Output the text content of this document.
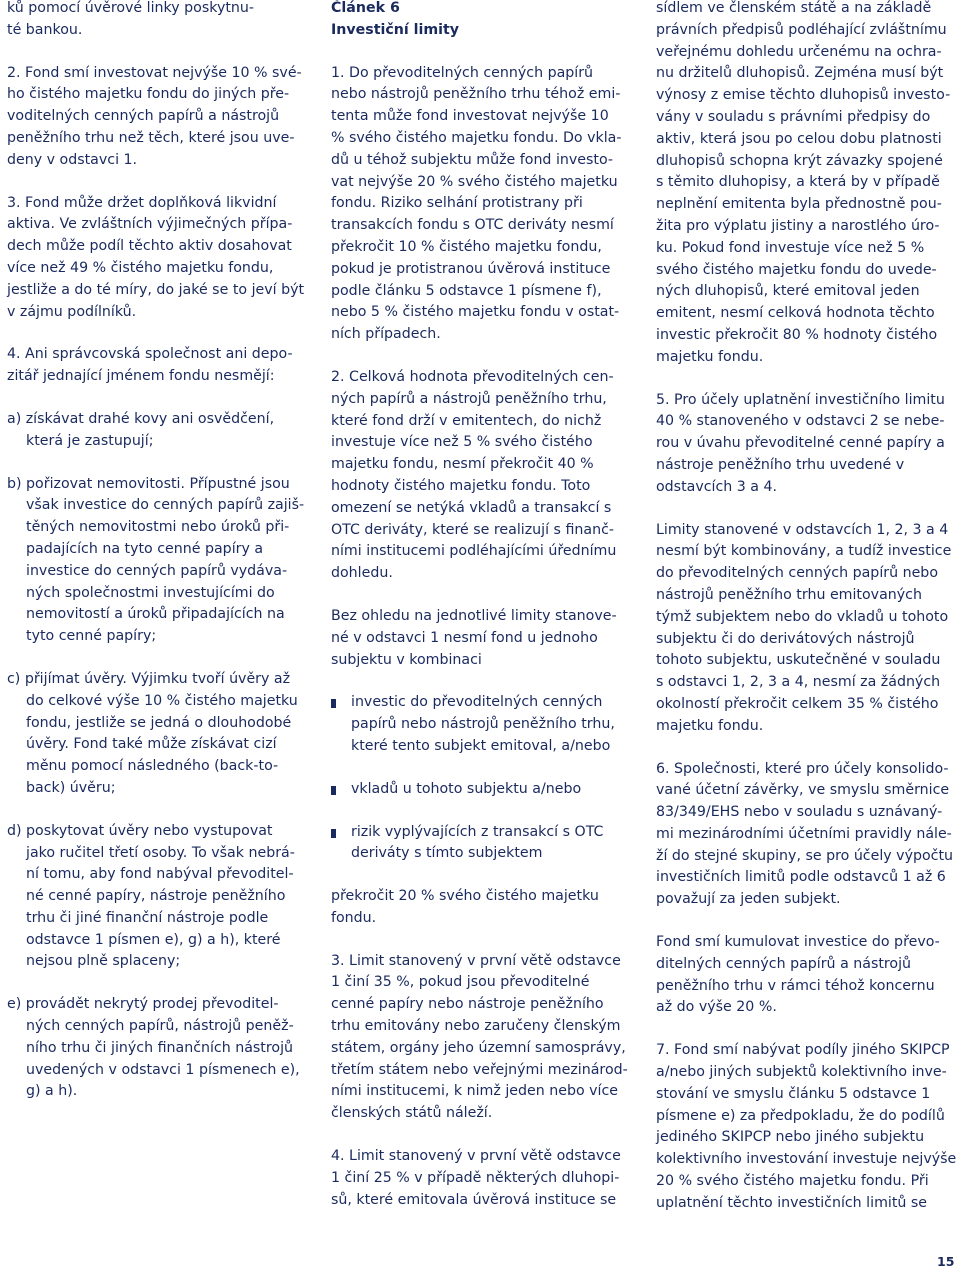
ků pomocí úvěrové linky poskytnu-
té bankou.

2. Fond smí investovat nejvýše 10 % své-
ho čistého majetku fondu do jiných pře-
voditelných cenných papírů a nástrojů
peněžního trhu než těch, které jsou uve-
deny v odstavci 1.

3. Fond může držet doplňková likvidní
aktiva. Ve zvláštních výjimečných přípa-
dech může podíl těchto aktiv dosahovat
více než 49 % čistého majetku fondu,
jestliže a do té míry, do jaké se to jeví být
v zájmu podílníků.

4. Ani správcovská společnost ani depo-
zitář jednající jménem fondu nesmějí:

a) získávat drahé kovy ani osvědčení,
která je zastupují;

b) pořizovat nemovitosti. Přípustné jsou
však investice do cenných papírů zajiš-
těných nemovitostmi nebo úroků při-
padajících na tyto cenné papíry a
investice do cenných papírů vydáva-
ných společnostmi investujícími do
nemovitostí a úroků připadajících na
tyto cenné papíry;

c) přijímat úvěry. Výjimku tvoří úvěry až
do celkové výše 10 % čistého majetku
fondu, jestliže se jedná o dlouhodobé
úvěry. Fond také může získávat cizí
měnu pomocí následného (back-to-
back) úvěru;

d) poskytovat úvěry nebo vystupovat
jako ručitel třetí osoby. To však nebrá-
ní tomu, aby fond nabýval převoditel-
né cenné papíry, nástroje peněžního
trhu či jiné finanční nástroje podle
odstavce 1 písmen e), g) a h), které
nejsou plně splaceny;

e) provádět nekrytý prodej převoditel-
ných cenných papírů, nástrojů peněž-
ního trhu či jiných finančních nástrojů
uvedených v odstavci 1 písmenech e),
g) a h).

Článek 6
Investiční limity

1. Do převoditelných cenných papírů
nebo nástrojů peněžního trhu téhož emi-
tenta může fond investovat nejvýše 10
% svého čistého majetku fondu. Do vkla-
dů u téhož subjektu může fond investo-
vat nejvýše 20 % svého čistého majetku
fondu. Riziko selhání protistrany při
transakcích fondu s OTC deriváty nesmí
překročit 10 % čistého majetku fondu,
pokud je protistranou úvěrová instituce
podle článku 5 odstavce 1 písmene f),
nebo 5 % čistého majetku fondu v ostat-
ních případech.

2. Celková hodnota převoditelných cen-
ných papírů a nástrojů peněžního trhu,
které fond drží v emitentech, do nichž
investuje více než 5 % svého čistého
majetku fondu, nesmí překročit 40 %
hodnoty čistého majetku fondu. Toto
omezení se netýká vkladů a transakcí s
OTC deriváty, které se realizují s finanč-
ními institucemi podléhajícími úřednímu
dohledu.

Bez ohledu na jednotlivé limity stanove-
né v odstavci 1 nesmí fond u jednoho
subjektu v kombinaci

investic do převoditelných cenných
papírů nebo nástrojů peněžního trhu,
které tento subjekt emitoval, a/nebo

vkladů u tohoto subjektu a/nebo

rizik vyplývajících z transakcí s OTC
deriváty s tímto subjektem

překročit 20 % svého čistého majetku
fondu.

3. Limit stanovený v první větě odstavce
1 činí 35 %, pokud jsou převoditelné
cenné papíry nebo nástroje peněžního
trhu emitovány nebo zaručeny členským
státem, orgány jeho územní samosprávy,
třetím státem nebo veřejnými mezinárod-
ními institucemi, k nimž jeden nebo více
členských států náleží.

4. Limit stanovený v první větě odstavce
1 činí 25 % v případě některých dluhopi-
sů, které emitovala úvěrová instituce se

sídlem ve členském státě a na základě
právních předpisů podléhající zvláštnímu
veřejnému dohledu určenému na ochra-
nu držitelů dluhopisů. Zejména musí být
výnosy z emise těchto dluhopisů investo-
vány v souladu s právními předpisy do
aktiv, která jsou po celou dobu platnosti
dluhopisů schopna krýt závazky spojené
s těmito dluhopisy, a která by v případě
neplnění emitenta byla přednostně pou-
žita pro výplatu jistiny a narostlého úro-
ku. Pokud fond investuje více než 5 %
svého čistého majetku fondu do uvede-
ných dluhopisů, které emitoval jeden
emitent, nesmí celková hodnota těchto
investic překročit 80 % hodnoty čistého
majetku fondu.

5. Pro účely uplatnění investičního limitu
40 % stanoveného v odstavci 2 se nebe-
rou v úvahu převoditelné cenné papíry a
nástroje peněžního trhu uvedené v
odstavcích 3 a 4.

Limity stanovené v odstavcích 1, 2, 3 a 4
nesmí být kombinovány, a tudíž investice
do převoditelných cenných papírů nebo
nástrojů peněžního trhu emitovaných
týmž subjektem nebo do vkladů u tohoto
subjektu či do derivátových nástrojů
tohoto subjektu, uskutečněné v souladu
s odstavci 1, 2, 3 a 4, nesmí za žádných
okolností překročit celkem 35 % čistého
majetku fondu.

6. Společnosti, které pro účely konsolido-
vané účetní závěrky, ve smyslu směrnice
83/349/EHS nebo v souladu s uznávaný-
mi mezinárodními účetními pravidly nále-
ží do stejné skupiny, se pro účely výpočtu
investičních limitů podle odstavců 1 až 6
považují za jeden subjekt.

Fond smí kumulovat investice do převo-
ditelných cenných papírů a nástrojů
peněžního trhu v rámci téhož koncernu
až do výše 20 %.

7. Fond smí nabývat podíly jiného SKIPCP
a/nebo jiných subjektů kolektivního inve-
stování ve smyslu článku 5 odstavce 1
písmene e) za předpokladu, že do podílů
jediného SKIPCP nebo jiného subjektu
kolektivního investování investuje nejvýše
20 % svého čistého majetku fondu. Při
uplatnění těchto investičních limitů se

15
